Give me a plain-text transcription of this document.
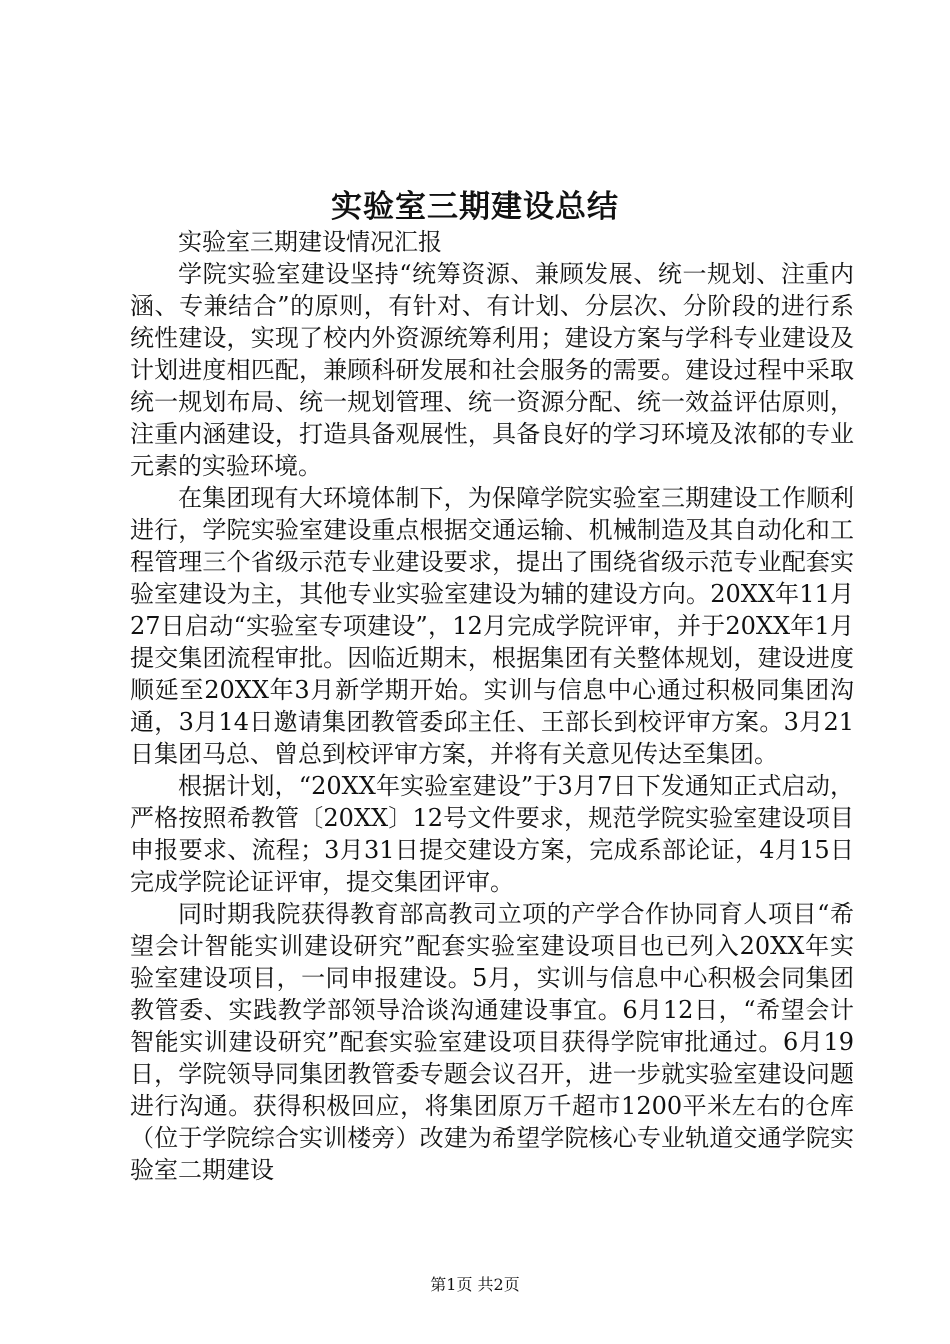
实验室三期建设总结

实验室三期建设情况汇报

学院实验室建设坚持“统筹资源、兼顾发展、统一规划、注重内涵、专兼结合”的原则，有针对、有计划、分层次、分阶段的进行系统性建设，实现了校内外资源统筹利用；建设方案与学科专业建设及计划进度相匹配，兼顾科研发展和社会服务的需要。建设过程中采取统一规划布局、统一规划管理、统一资源分配、统一效益评估原则，注重内涵建设，打造具备观展性，具备良好的学习环境及浓郁的专业元素的实验环境。

在集团现有大环境体制下，为保障学院实验室三期建设工作顺利进行，学院实验室建设重点根据交通运输、机械制造及其自动化和工程管理三个省级示范专业建设要求，提出了围绕省级示范专业配套实验室建设为主，其他专业实验室建设为辅的建设方向。20XX年11月27日启动“实验室专项建设”，12月完成学院评审，并于20XX年1月提交集团流程审批。因临近期末，根据集团有关整体规划，建设进度顺延至20XX年3月新学期开始。实训与信息中心通过积极同集团沟通，3月14日邀请集团教管委邱主任、王部长到校评审方案。3月21日集团马总、曾总到校评审方案，并将有关意见传达至集团。

根据计划，“20XX年实验室建设”于3月7日下发通知正式启动，严格按照希教管〔20XX〕12号文件要求，规范学院实验室建设项目申报要求、流程；3月31日提交建设方案，完成系部论证，4月15日完成学院论证评审，提交集团评审。

同时期我院获得教育部高教司立项的产学合作协同育人项目“希望会计智能实训建设研究”配套实验室建设项目也已列入20XX年实验室建设项目，一同申报建设。5月，实训与信息中心积极会同集团教管委、实践教学部领导洽谈沟通建设事宜。6月12日，“希望会计智能实训建设研究”配套实验室建设项目获得学院审批通过。6月19日，学院领导同集团教管委专题会议召开，进一步就实验室建设问题进行沟通。获得积极回应，将集团原万千超市1200平米左右的仓库（位于学院综合实训楼旁）改建为希望学院核心专业轨道交通学院实验室二期建设

第1页 共2页
